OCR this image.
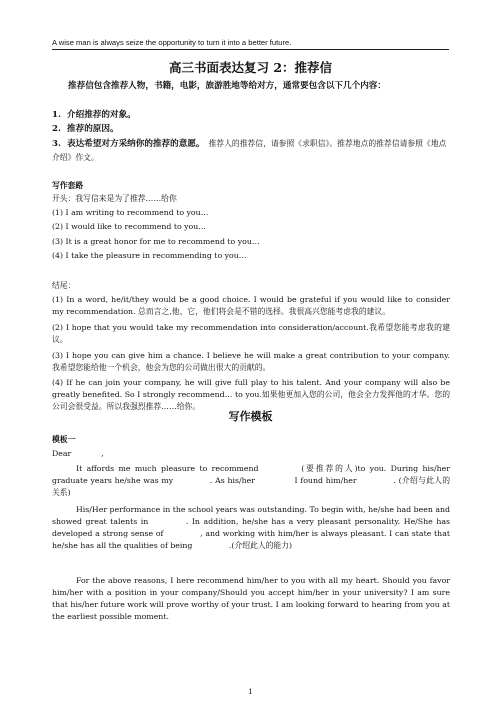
A wise man is always seize the opportunity to turn it into a better future.
高三书面表达复习 2：推荐信
推荐信包含推荐人物，书籍，电影，旅游胜地等给对方，通常要包含以下几个内容：
1. 介绍推荐的对象。
2. 推荐的原因。
3. 表达希望对方采纳你的推荐的意愿。 推荐人的推荐信，请参照《求职信》。推荐地点的推荐信请参照《地点介绍》作文。
写作套路
开头：我写信来是为了推荐……给你
(1) I am writing to recommend to you…
(2) I would like to recommend to you…
(3) It is a great honor for me to recommend to you…
(4) I take the pleasure in recommending to you…
结尾：
(1) In a word, he/it/they would be a good choice. I would be grateful if you would like to consider my recommendation. 总而言之,他、它，他们将会是不错的选择。我很高兴您能考虑我的建议。
(2) I hope that you would take my recommendation into consideration/account.我希望您能考虑我的建议。
(3) I hope you can give him a chance. I believe he will make a great contribution to your company. 我希望您能给他一个机会，他会为您的公司做出很大的贡献的。
(4) If he can join your company, he will give full play to his talent. And your company will also be greatly benefited. So I strongly recommend… to you.如果他更加入您的公司，他会全力发挥他的才华。您的公司会很受益。所以我强烈推荐……给你。
写作模板
模板一
Dear	,
It affords me much pleasure to recommend	(要推荐的人)to you. During his/her graduate years he/she was my	. As his/her	I found him/her	. (介绍与此人的关系)
His/Her performance in the school years was outstanding. To begin with, he/she had been and showed great talents in	. In addition, he/she has a very pleasant personality. He/She has developed a strong sense of	, and working with him/her is always pleasant. I can state that he/she has all the qualities of being	.(介绍此人的能力)
For the above reasons, I here recommend him/her to you with all my heart. Should you favor him/her with a position in your company/Should you accept him/her in your university? I am sure that his/her future work will prove worthy of your trust. I am looking forward to hearing from you at the earliest possible moment.
1
